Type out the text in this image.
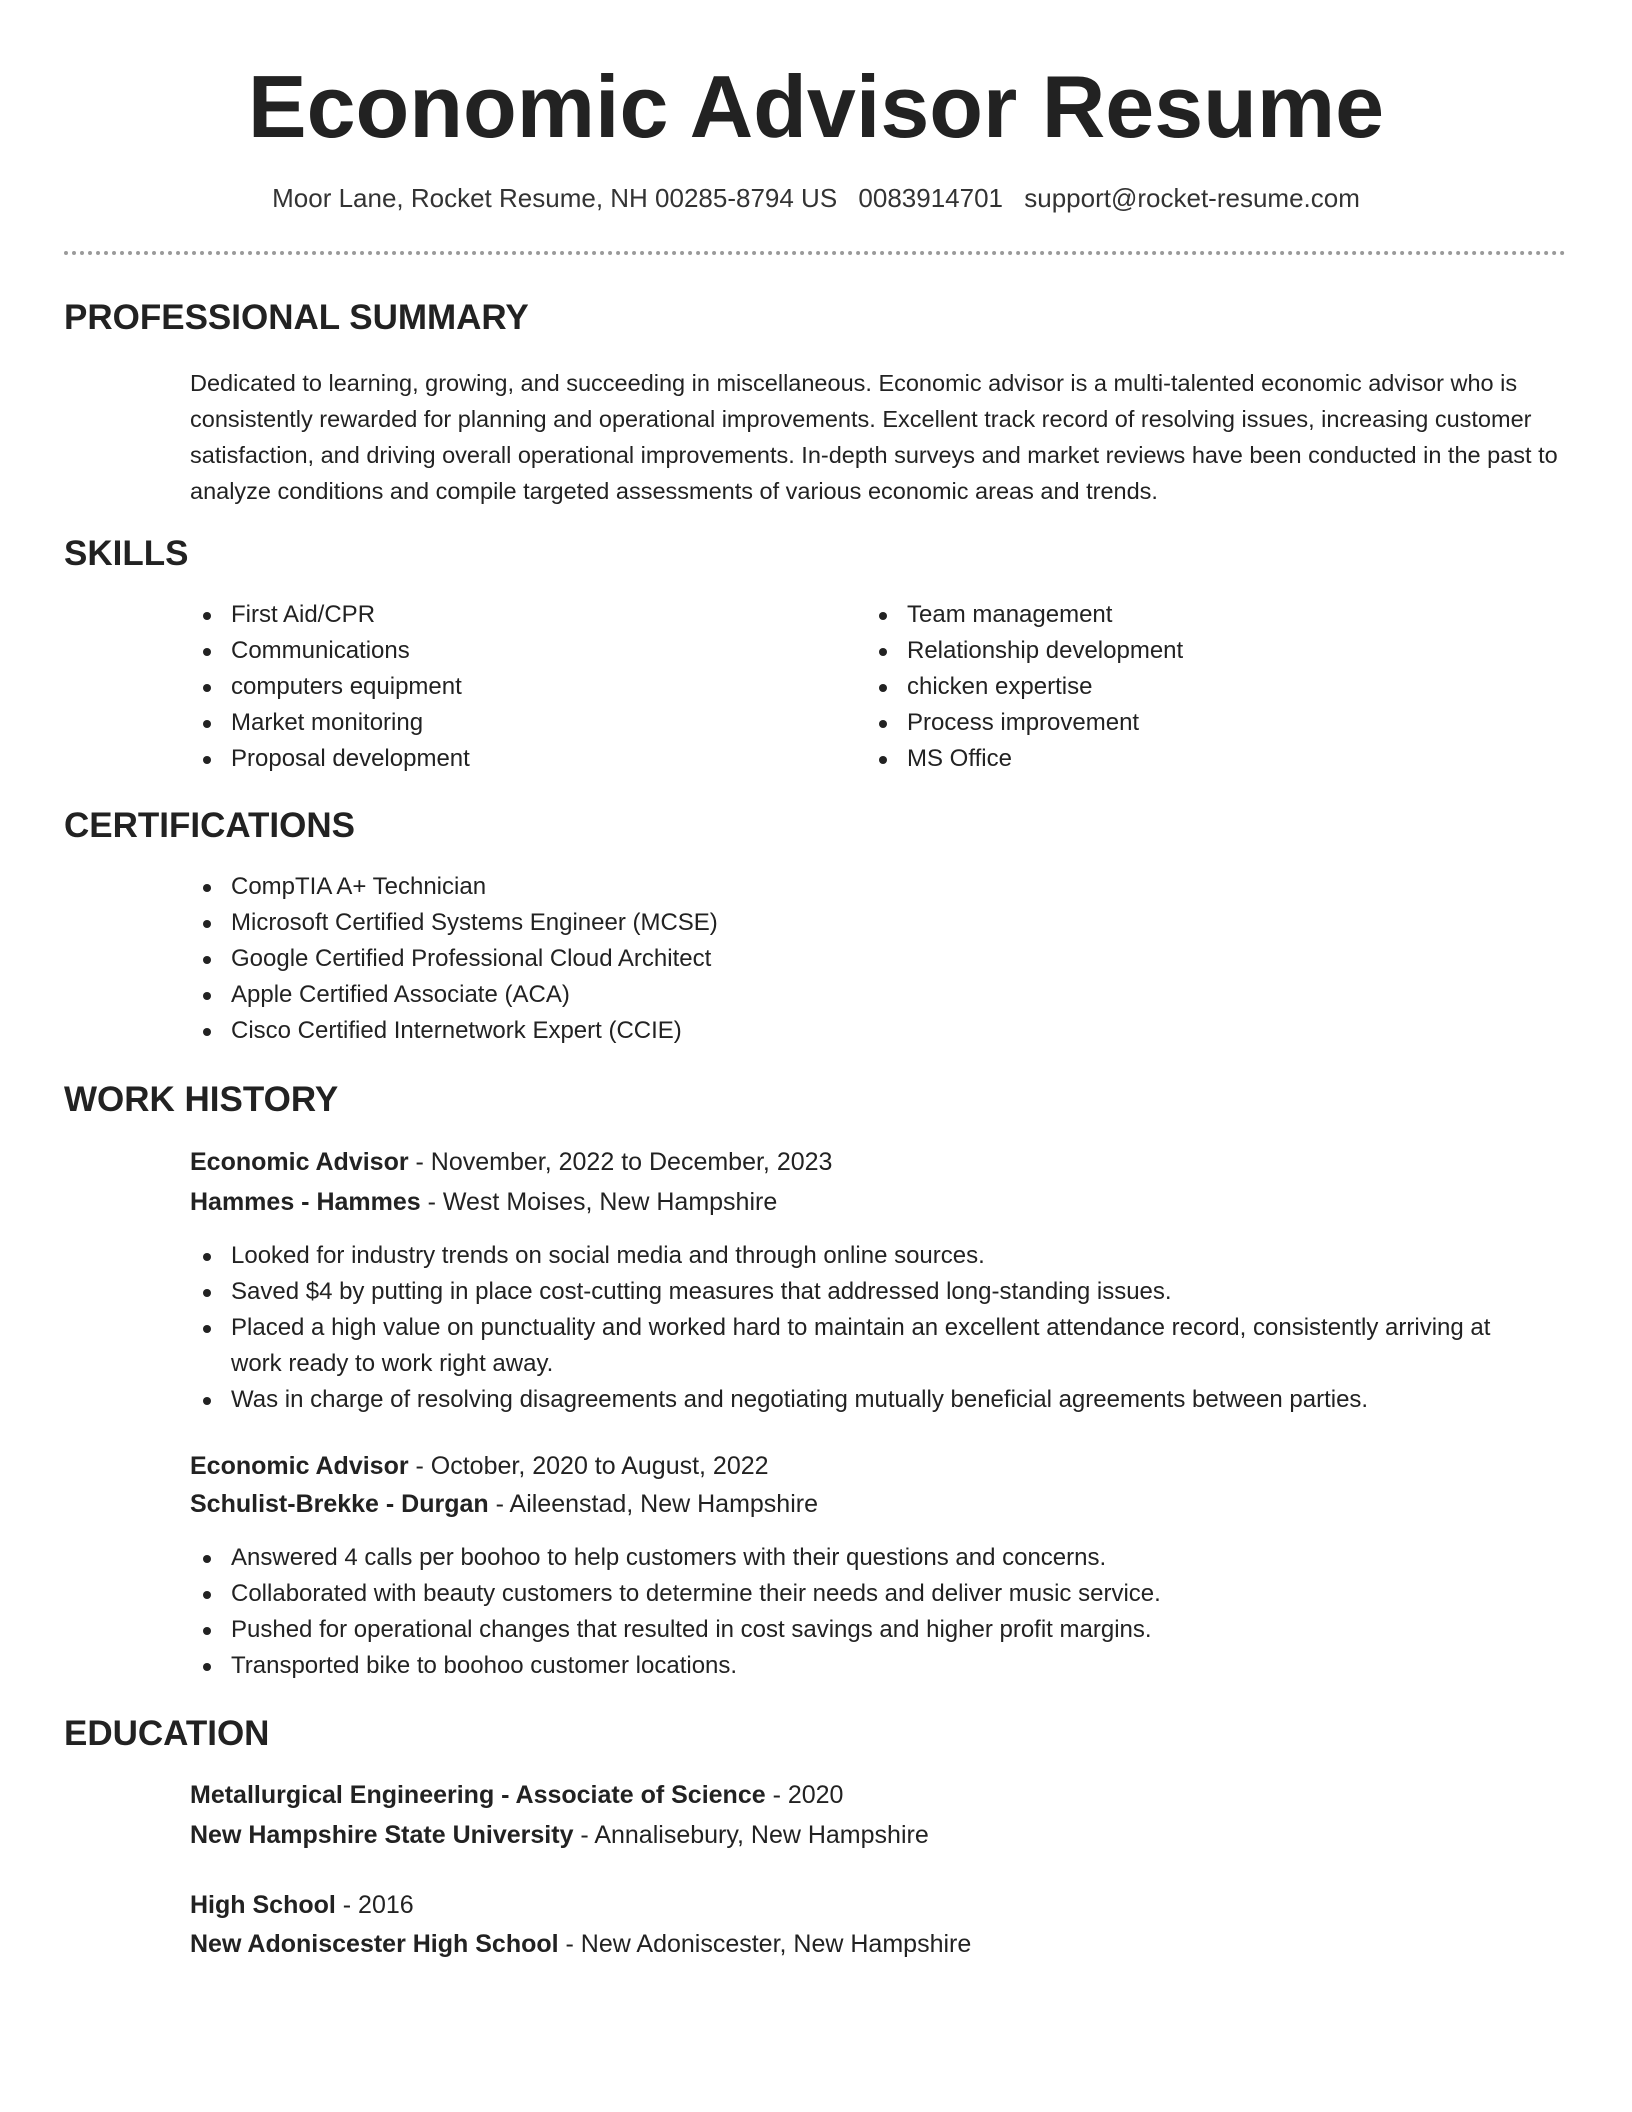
Economic Advisor Resume
Moor Lane, Rocket Resume, NH 00285-8794 US 0083914701 support@rocket-resume.com
PROFESSIONAL SUMMARY

Dedicated to learning, growing, and succeeding in miscellaneous. Economic advisor is a multi-talented economic advisor who is consistently rewarded for planning and operational improvements. Excellent track record of resolving issues, increasing customer satisfaction, and driving overall operational improvements. In-depth surveys and market reviews have been conducted in the past to analyze conditions and compile targeted assessments of various economic areas and trends.

SKILLS
First Aid/CPR
Communications
computers equipment
Market monitoring
Proposal development
Team management
Relationship development
chicken expertise
Process improvement
MS Office
CERTIFICATIONS
CompTIA A+ Technician
Microsoft Certified Systems Engineer (MCSE)
Google Certified Professional Cloud Architect
Apple Certified Associate (ACA)
Cisco Certified Internetwork Expert (CCIE)
WORK HISTORY
Economic Advisor - November, 2022 to December, 2023
Hammes - Hammes - West Moises, New Hampshire
Looked for industry trends on social media and through online sources.
Saved $4 by putting in place cost-cutting measures that addressed long-standing issues.
Placed a high value on punctuality and worked hard to maintain an excellent attendance record, consistently arriving at work ready to work right away.
Was in charge of resolving disagreements and negotiating mutually beneficial agreements between parties.
Economic Advisor - October, 2020 to August, 2022
Schulist-Brekke - Durgan - Aileenstad, New Hampshire
Answered 4 calls per boohoo to help customers with their questions and concerns.
Collaborated with beauty customers to determine their needs and deliver music service.
Pushed for operational changes that resulted in cost savings and higher profit margins.
Transported bike to boohoo customer locations.
EDUCATION
Metallurgical Engineering - Associate of Science - 2020
New Hampshire State University - Annalisebury, New Hampshire
High School - 2016
New Adoniscester High School - New Adoniscester, New Hampshire
